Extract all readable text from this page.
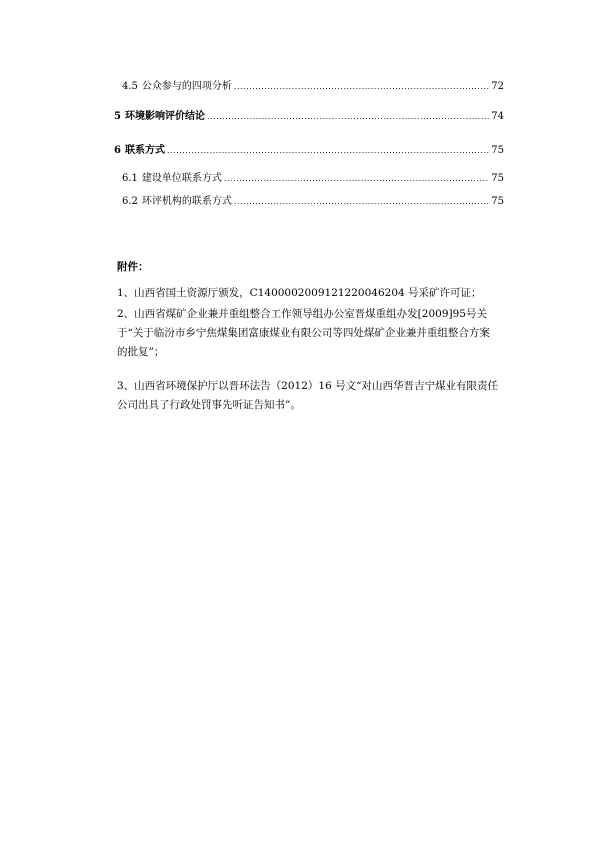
4.5 公众参与的四项分析 .....	72
5 环境影响评价结论 .....	74
6 联系方式 .....	75
6.1 建设单位联系方式 .....	75
6.2 环评机构的联系方式 .....	75
附件：
1、山西省国土资源厅颁发，C1400002009121220046204 号采矿许可证；
2、山西省煤矿企业兼并重组整合工作领导组办公室晋煤重组办发[2009]95号关于“关于临汾市乡宁焦煤集团富康煤业有限公司等四处煤矿企业兼并重组整合方案的批复”；
3、山西省环境保护厅以晋环法告（2012）16 号文“对山西华晋吉宁煤业有限责任公司出具了行政处罚事先听证告知书”。
